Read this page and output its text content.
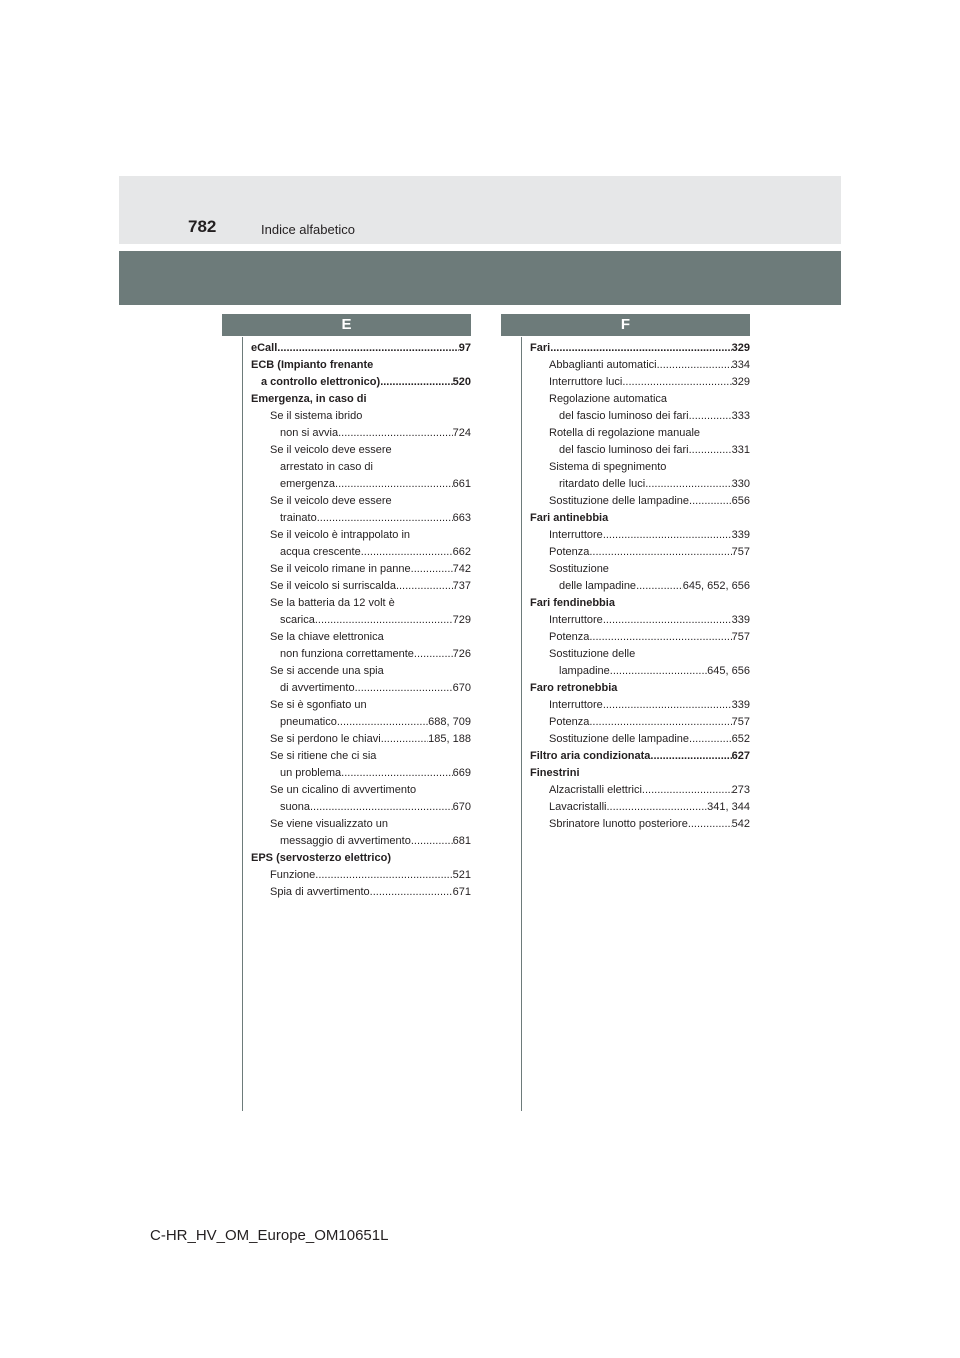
782	Indice alfabetico
E	F
eCall .....	97
ECB (Impianto frenante
a controllo elettronico) .....	520
Emergenza, in caso di
Se il sistema ibrido
non si avvia .....	724
Se il veicolo deve essere
arrestato in caso di
emergenza .....	661
Se il veicolo deve essere
trainato .....	663
Se il veicolo è intrappolato in
acqua crescente .....	662
Se il veicolo rimane in panne .....	742
Se il veicolo si surriscalda .....	737
Se la batteria da 12 volt è
scarica .....	729
Se la chiave elettronica
non funziona correttamente .....	726
Se si accende una spia
di avvertimento .....	670
Se si è sgonfiato un
pneumatico .....	688, 709
Se si perdono le chiavi .....	185, 188
Se si ritiene che ci sia
un problema .....	669
Se un cicalino di avvertimento
suona .....	670
Se viene visualizzato un
messaggio di avvertimento .....	681
EPS (servosterzo elettrico)
Funzione .....	521
Spia di avvertimento .....	671
Fari .....	329
Abbaglianti automatici .....	334
Interruttore luci .....	329
Regolazione automatica
del fascio luminoso dei fari .....	333
Rotella di regolazione manuale
del fascio luminoso dei fari .....	331
Sistema di spegnimento
ritardato delle luci .....	330
Sostituzione delle lampadine .....	656
Fari antinebbia
Interruttore .....	339
Potenza .....	757
Sostituzione
delle lampadine .....	645, 652, 656
Fari fendinebbia
Interruttore .....	339
Potenza .....	757
Sostituzione delle
lampadine .....	645, 656
Faro retronebbia
Interruttore .....	339
Potenza .....	757
Sostituzione delle lampadine .....	652
Filtro aria condizionata .....	627
Finestrini
Alzacristalli elettrici .....	273
Lavacristalli .....	341, 344
Sbrinatore lunotto posteriore .....	542
C-HR_HV_OM_Europe_OM10651L
